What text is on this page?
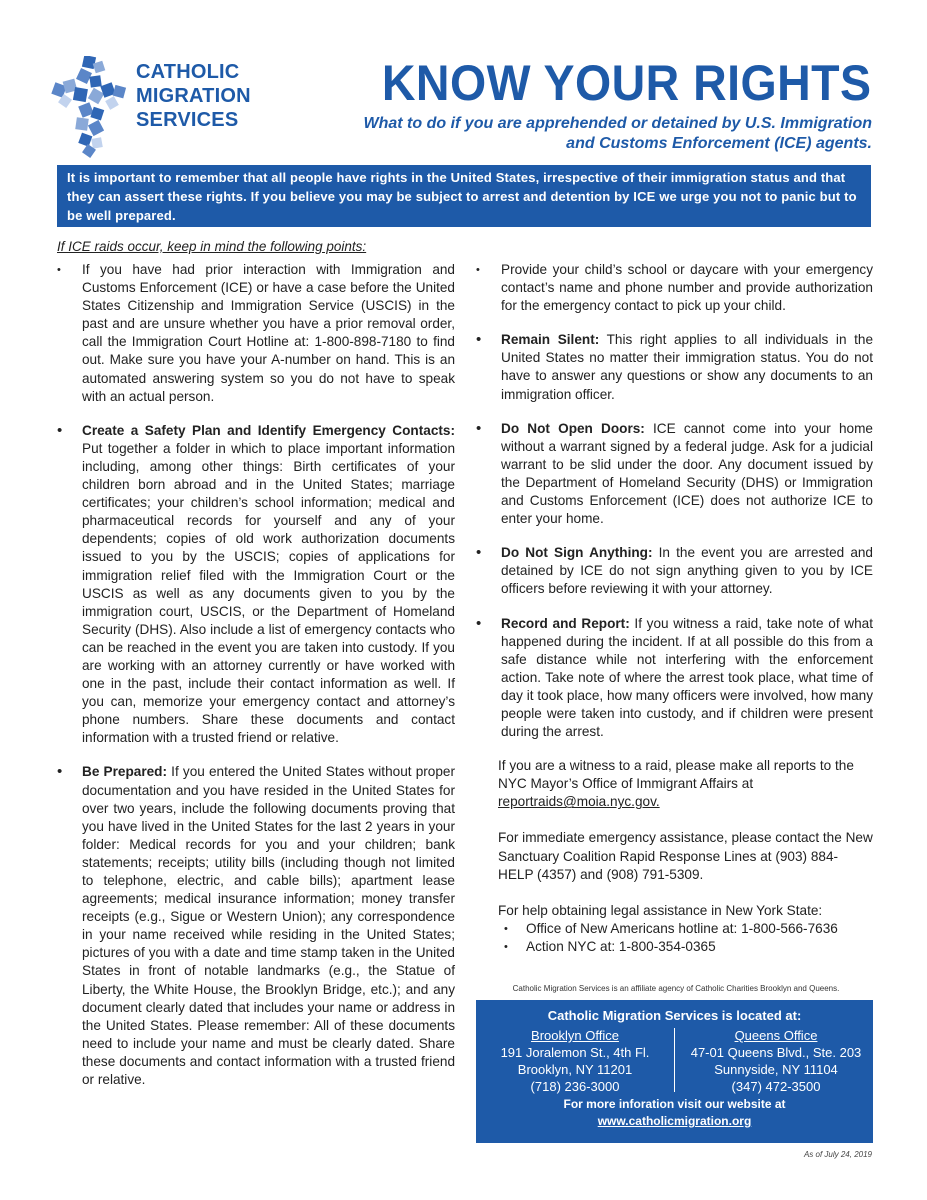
CATHOLIC
MIGRATION
SERVICES
KNOW YOUR RIGHTS
What to do if you are apprehended or detained by U.S. Immigration and Customs Enforcement (ICE) agents.
It is important to remember that all people have rights in the United States, irrespective of their immigration status and that they can assert these rights. If you believe you may be subject to arrest and detention by ICE we urge you not to panic but to be well prepared.
If ICE raids occur, keep in mind the following points:
• If you have had prior interaction with Immigration and Customs Enforcement (ICE) or have a case before the United States Citizenship and Immigration Service (USCIS) in the past and are unsure whether you have a prior removal order, call the Immigration Court Hotline at: 1-800-898-7180 to find out. Make sure you have your A-number on hand. This is an automated answering system so you do not have to speak with an actual person.
• Create a Safety Plan and Identify Emergency Contacts: Put together a folder in which to place important information including, among other things: Birth certificates of your children born abroad and in the United States; marriage certificates; your children’s school information; medical and pharmaceutical records for yourself and any of your dependents; copies of old work authorization documents issued to you by the USCIS; copies of applications for immigration relief filed with the Immigration Court or the USCIS as well as any documents given to you by the immigration court, USCIS, or the Department of Homeland Security (DHS). Also include a list of emergency contacts who can be reached in the event you are taken into custody. If you are working with an attorney currently or have worked with one in the past, include their contact information as well. If you can, memorize your emergency contact and attorney’s phone numbers. Share these documents and contact information with a trusted friend or relative.
• Be Prepared: If you entered the United States without proper documentation and you have resided in the United States for over two years, include the following documents proving that you have lived in the United States for the last 2 years in your folder: Medical records for you and your children; bank statements; receipts; utility bills (including though not limited to telephone, electric, and cable bills); apartment lease agreements; medical insurance information; money transfer receipts (e.g., Sigue or Western Union); any correspondence in your name received while residing in the United States; pictures of you with a date and time stamp taken in the United States in front of notable landmarks (e.g., the Statue of Liberty, the White House, the Brooklyn Bridge, etc.); and any document clearly dated that includes your name or address in the United States. Please remember: All of these documents need to include your name and must be clearly dated. Share these documents and contact information with a trusted friend or relative.
• Provide your child’s school or daycare with your emergency contact’s name and phone number and provide authorization for the emergency contact to pick up your child.
• Remain Silent: This right applies to all individuals in the United States no matter their immigration status. You do not have to answer any questions or show any documents to an immigration officer.
• Do Not Open Doors: ICE cannot come into your home without a warrant signed by a federal judge. Ask for a judicial warrant to be slid under the door. Any document issued by the Department of Homeland Security (DHS) or Immigration and Customs Enforcement (ICE) does not authorize ICE to enter your home.
• Do Not Sign Anything: In the event you are arrested and detained by ICE do not sign anything given to you by ICE officers before reviewing it with your attorney.
• Record and Report: If you witness a raid, take note of what happened during the incident. If at all possible do this from a safe distance while not interfering with the enforcement action. Take note of where the arrest took place, what time of day it took place, how many officers were involved, how many people were taken into custody, and if children were present during the arrest.
If you are a witness to a raid, please make all reports to the NYC Mayor’s Office of Immigrant Affairs at reportraids@moia.nyc.gov.
For immediate emergency assistance, please contact the New Sanctuary Coalition Rapid Response Lines at (903) 884-HELP (4357) and (908) 791-5309.
For help obtaining legal assistance in New York State:
• Office of New Americans hotline at: 1-800-566-7636
• Action NYC at: 1-800-354-0365
Catholic Migration Services is an affiliate agency of Catholic Charities Brooklyn and Queens.
Catholic Migration Services is located at:
Brooklyn Office
191 Joralemon St., 4th Fl.
Brooklyn, NY 11201
(718) 236-3000
Queens Office
47-01 Queens Blvd., Ste. 203
Sunnyside, NY 11104
(347) 472-3500
For more inforation visit our website at
www.catholicmigration.org
As of July 24, 2019
